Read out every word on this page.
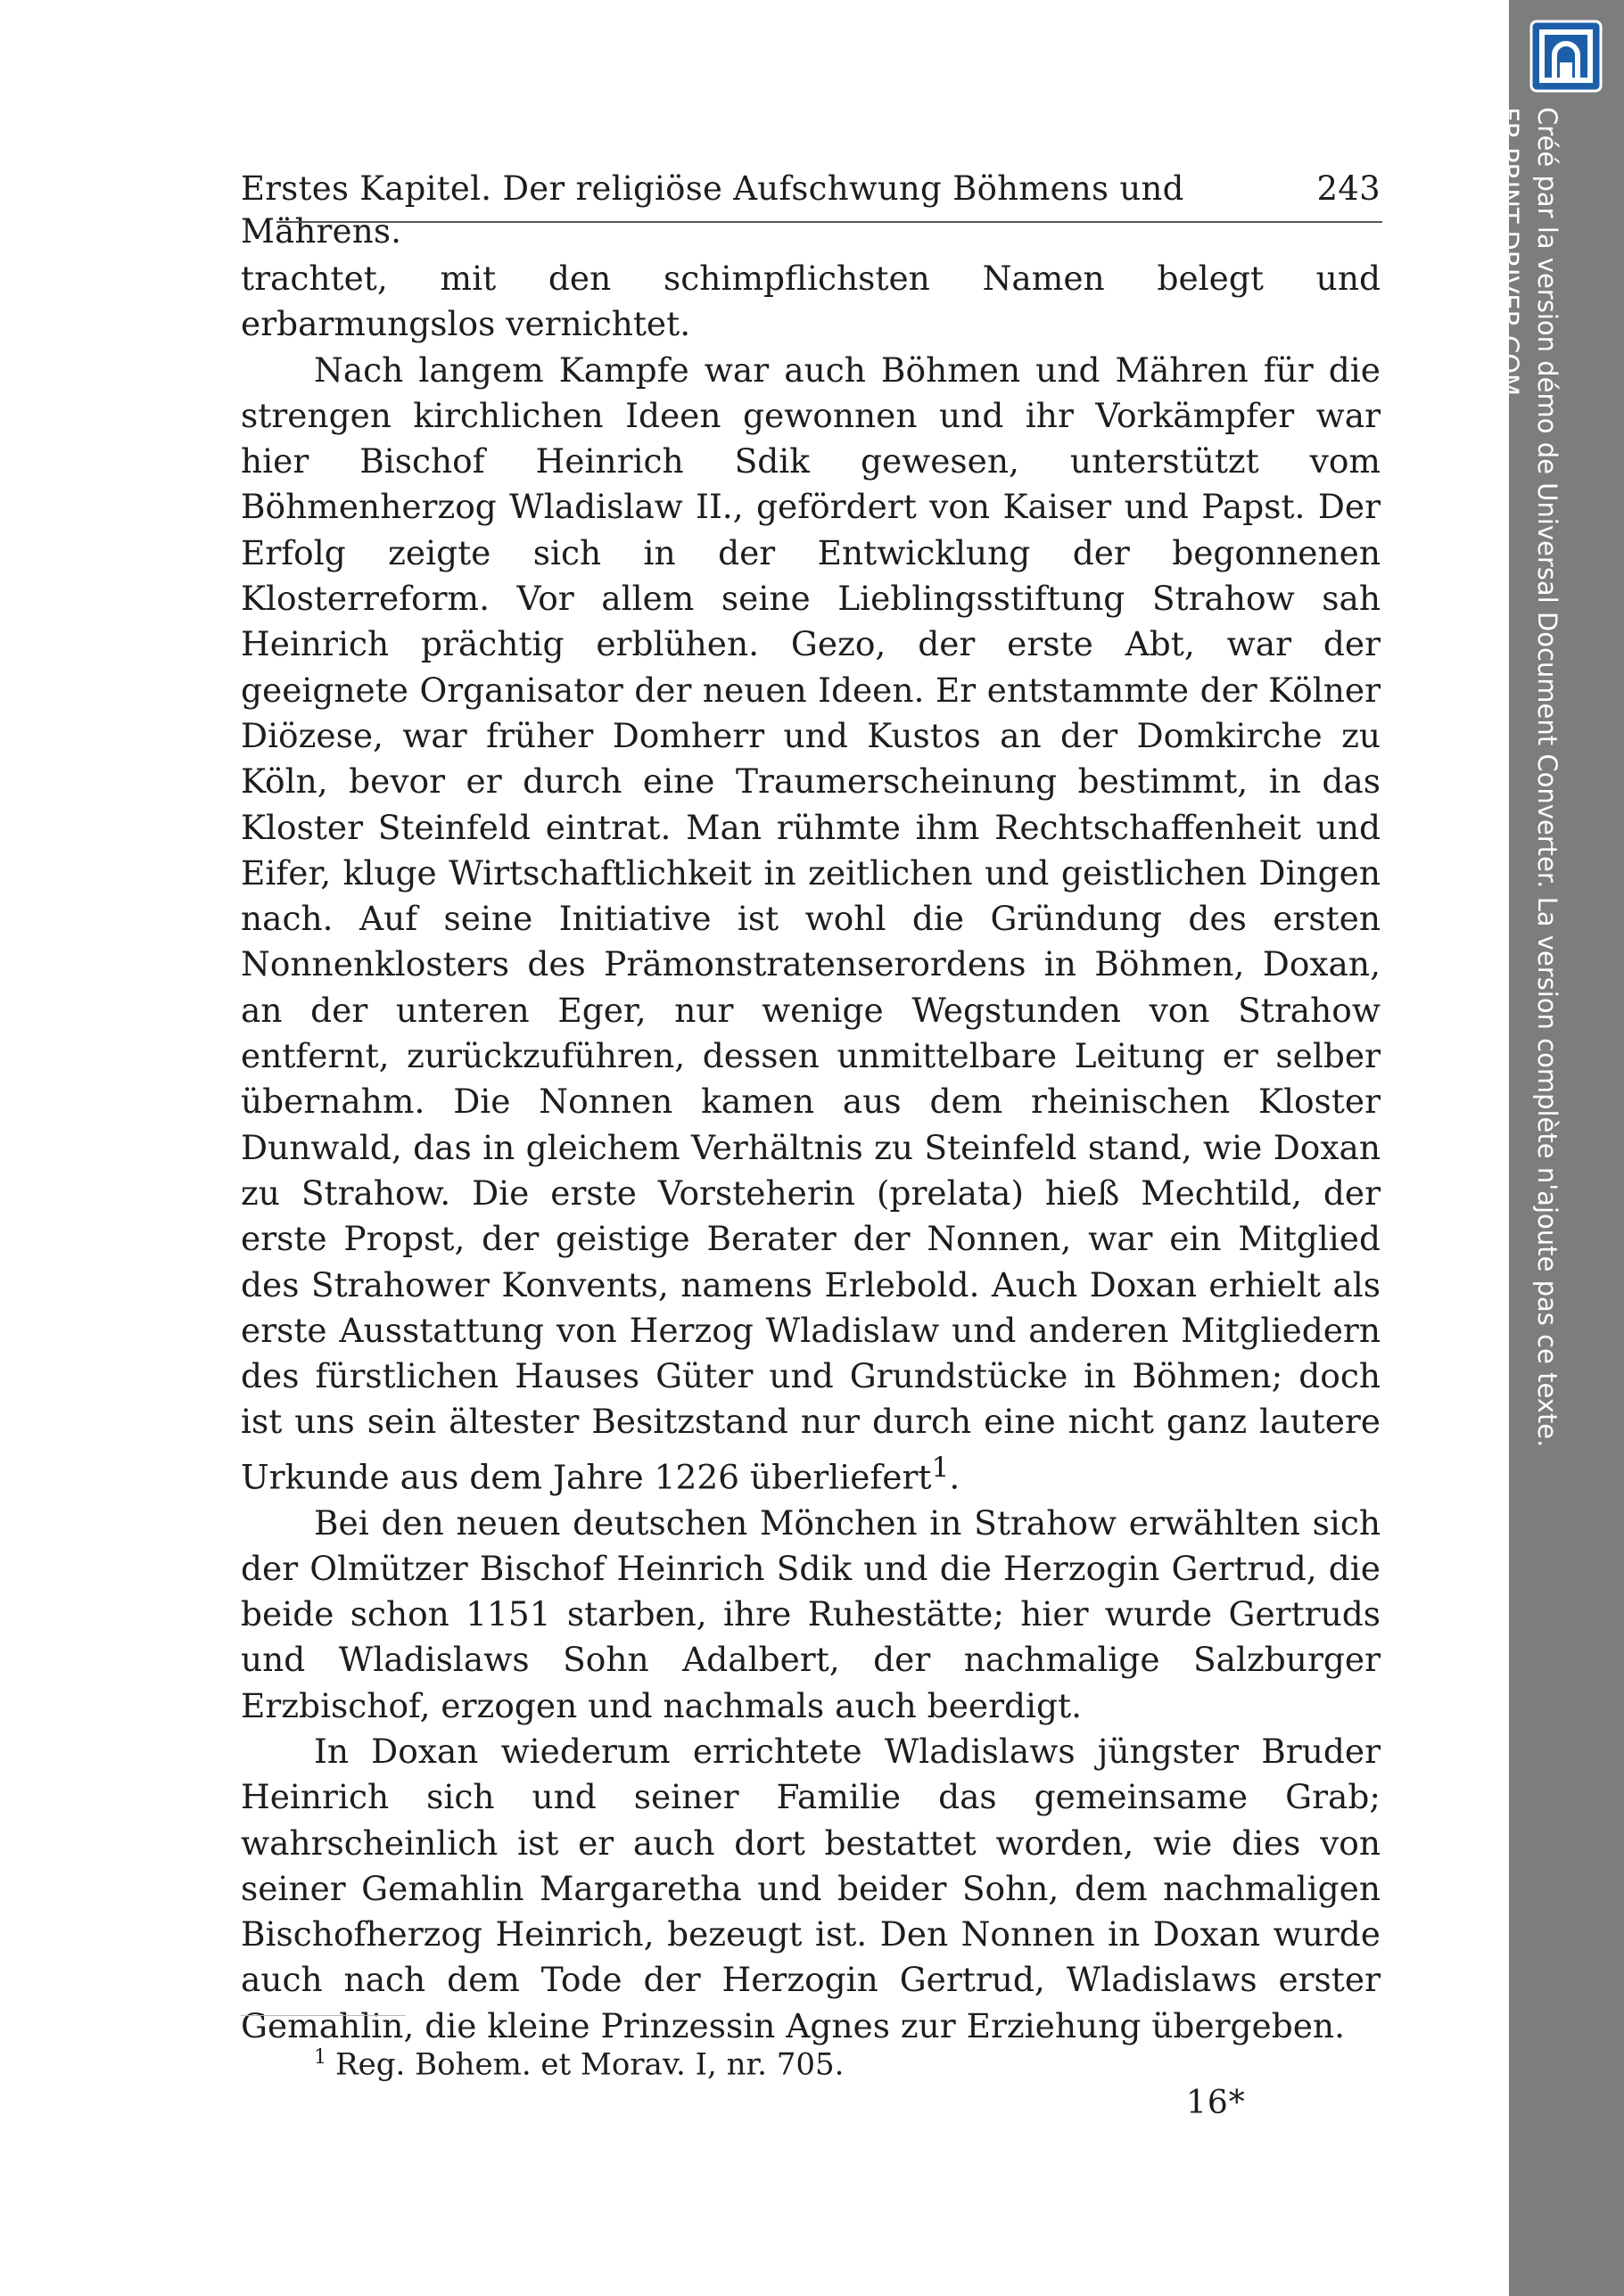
Erstes Kapitel. Der religiöse Aufschwung Böhmens und Mährens.
243

trachtet, mit den schimpflichsten Namen belegt und erbarmungslos vernichtet.

Nach langem Kampfe war auch Böhmen und Mähren für die strengen kirchlichen Ideen gewonnen und ihr Vorkämpfer war hier Bischof Heinrich Sdik gewesen, unterstützt vom Böhmenherzog Wladislaw II., gefördert von Kaiser und Papst. Der Erfolg zeigte sich in der Entwicklung der begonnenen Klosterreform. Vor allem seine Lieblingsstiftung Strahow sah Heinrich prächtig erblühen. Gezo, der erste Abt, war der geeignete Organisator der neuen Ideen. Er entstammte der Kölner Diözese, war früher Domherr und Kustos an der Domkirche zu Köln, bevor er durch eine Traumerscheinung bestimmt, in das Kloster Steinfeld eintrat. Man rühmte ihm Rechtschaffenheit und Eifer, kluge Wirtschaftlichkeit in zeitlichen und geistlichen Dingen nach. Auf seine Initiative ist wohl die Gründung des ersten Nonnenklosters des Prämonstratenserordens in Böhmen, Doxan, an der unteren Eger, nur wenige Wegstunden von Strahow entfernt, zurückzuführen, dessen unmittelbare Leitung er selber übernahm. Die Nonnen kamen aus dem rheinischen Kloster Dunwald, das in gleichem Verhältnis zu Steinfeld stand, wie Doxan zu Strahow. Die erste Vorsteherin (prelata) hieß Mechtild, der erste Propst, der geistige Berater der Nonnen, war ein Mitglied des Strahower Konvents, namens Erlebold. Auch Doxan erhielt als erste Ausstattung von Herzog Wladislaw und anderen Mitgliedern des fürstlichen Hauses Güter und Grundstücke in Böhmen; doch ist uns sein ältester Besitzstand nur durch eine nicht ganz lautere Urkunde aus dem Jahre 1226 überliefert$^1$.

Bei den neuen deutschen Mönchen in Strahow erwählten sich der Olmützer Bischof Heinrich Sdik und die Herzogin Gertrud, die beide schon 1151 starben, ihre Ruhestätte; hier wurde Gertruds und Wladislaws Sohn Adalbert, der nachmalige Salzburger Erzbischof, erzogen und nachmals auch beerdigt.

In Doxan wiederum errichtete Wladislaws jüngster Bruder Heinrich sich und seiner Familie das gemeinsame Grab; wahrscheinlich ist er auch dort bestattet worden, wie dies von seiner Gemahlin Margaretha und beider Sohn, dem nachmaligen Bischofherzog Heinrich, bezeugt ist. Den Nonnen in Doxan wurde auch nach dem Tode der Herzogin Gertrud, Wladislaws erster Gemahlin, die kleine Prinzessin Agnes zur Erziehung übergeben.

$^1$ Reg. Bohem. et Morav. I, nr. 705.
16*
Créé par la version démo de Universal Document Converter. La version complète n'ajoute pas ce texte.
FR.PRINT-DRIVER.COM
